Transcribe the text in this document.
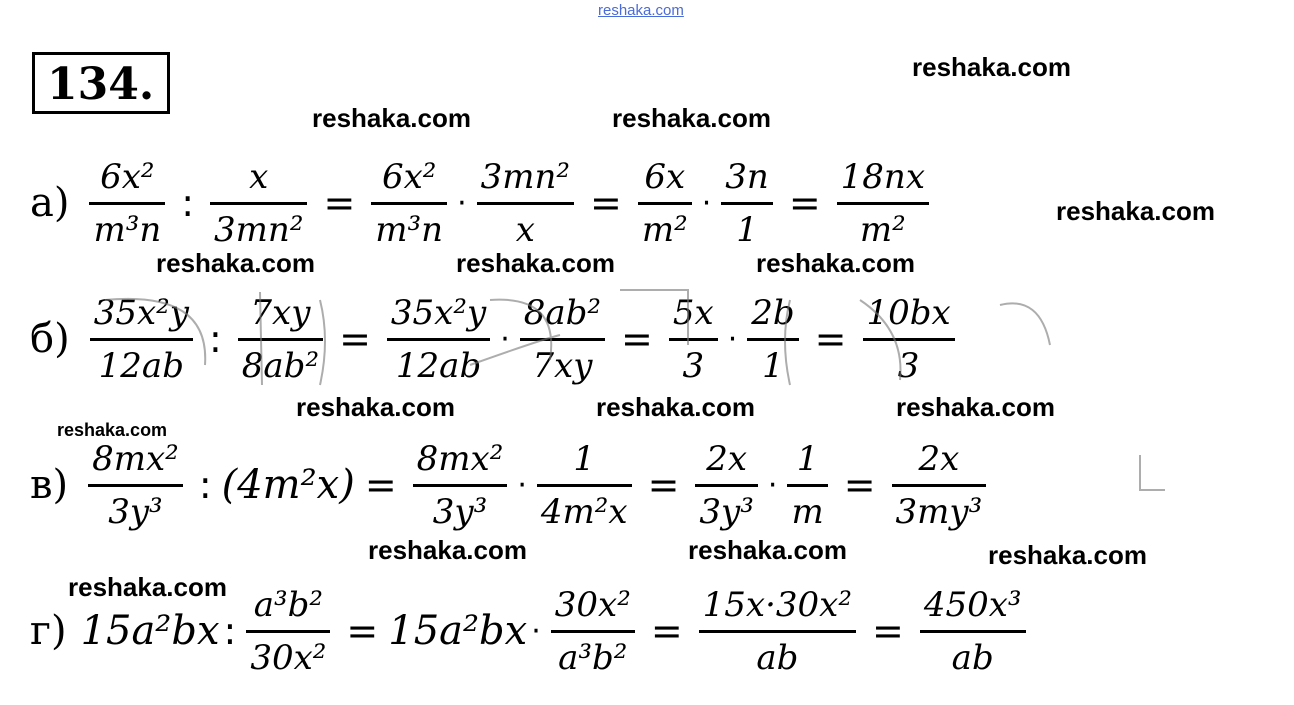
reshaka.com
134.	reshaka.com
reshaka.com	reshaka.com
reshaka.com
reshaka.com	reshaka.com	reshaka.com
reshaka.com	reshaka.com	reshaka.com
reshaka.com
reshaka.com	reshaka.com	reshaka.com
reshaka.com
$а) \frac{\text{6x²}}{\text{m³n}}$ : $\frac{x}{\text{3mn²}} = \frac{\text{6x²}}{\text{m³n}} \cdot \frac{\text{3mn²}}{x} = \frac{6x}{\text{m²}} \cdot \frac{3n}{1} = \frac{18nx}{\text{m²}}$
$б) \frac{\text{35x²y}}{12ab}$ : $\frac{7xy}{\text{8ab²}} = \frac{\text{35x²y}}{12ab} \cdot \frac{\text{8ab²}}{7xy} = \frac{5x}{3} \cdot \frac{2b}{1} = \frac{10bx}{3}$
$в) \frac{\text{8mx²}}{\text{3y³}}$ : $(4m^2x) = \frac{\text{8mx²}}{\text{3y³}} \cdot \frac{1}{\text{4m²x}} = \frac{2x}{\text{3y³}} \cdot \frac{1}{m} = \frac{2x}{\text{3my³}}$
г) 15a²bx : $\frac{\text{a³b²}}{\text{30x²}} = 15a^2bx \cdot \frac{\text{30x²}}{\text{a³b²}} = \frac{\text{15x·30x²}}{ab} = \frac{\text{450x³}}{ab}$
